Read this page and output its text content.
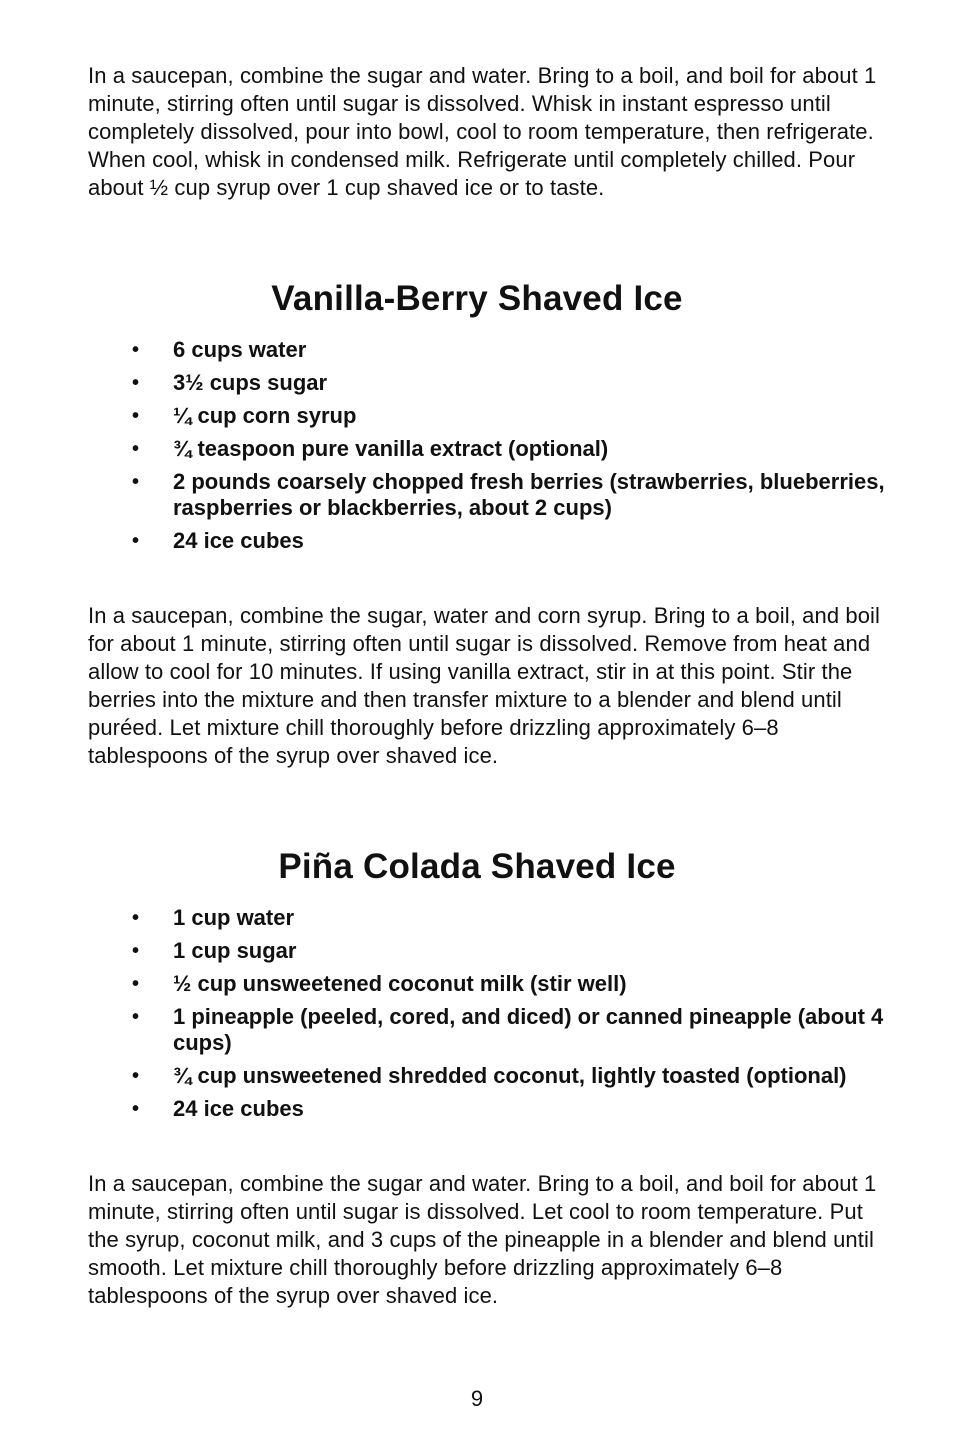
In a saucepan, combine the sugar and water. Bring to a boil, and boil for about 1 minute, stirring often until sugar is dissolved. Whisk in instant espresso until completely dissolved, pour into bowl, cool to room temperature, then refrigerate. When cool, whisk in condensed milk. Refrigerate until completely chilled. Pour about ½ cup syrup over 1 cup shaved ice or to taste.

Vanilla-Berry Shaved Ice
• 6 cups water
• 3½ cups sugar
• ¼ cup corn syrup
• ¾ teaspoon pure vanilla extract (optional)
• 2 pounds coarsely chopped fresh berries (strawberries, blueberries, raspberries or blackberries, about 2 cups)
• 24 ice cubes

In a saucepan, combine the sugar, water and corn syrup. Bring to a boil, and boil for about 1 minute, stirring often until sugar is dissolved. Remove from heat and allow to cool for 10 minutes. If using vanilla extract, stir in at this point. Stir the berries into the mixture and then transfer mixture to a blender and blend until puréed. Let mixture chill thoroughly before drizzling approximately 6–8 tablespoons of the syrup over shaved ice.

Piña Colada Shaved Ice
• 1 cup water
• 1 cup sugar
• ½ cup unsweetened coconut milk (stir well)
• 1 pineapple (peeled, cored, and diced) or canned pineapple (about 4 cups)
• ¾ cup unsweetened shredded coconut, lightly toasted (optional)
• 24 ice cubes

In a saucepan, combine the sugar and water. Bring to a boil, and boil for about 1 minute, stirring often until sugar is dissolved. Let cool to room temperature. Put the syrup, coconut milk, and 3 cups of the pineapple in a blender and blend until smooth. Let mixture chill thoroughly before drizzling approximately 6–8 tablespoons of the syrup over shaved ice.

9
